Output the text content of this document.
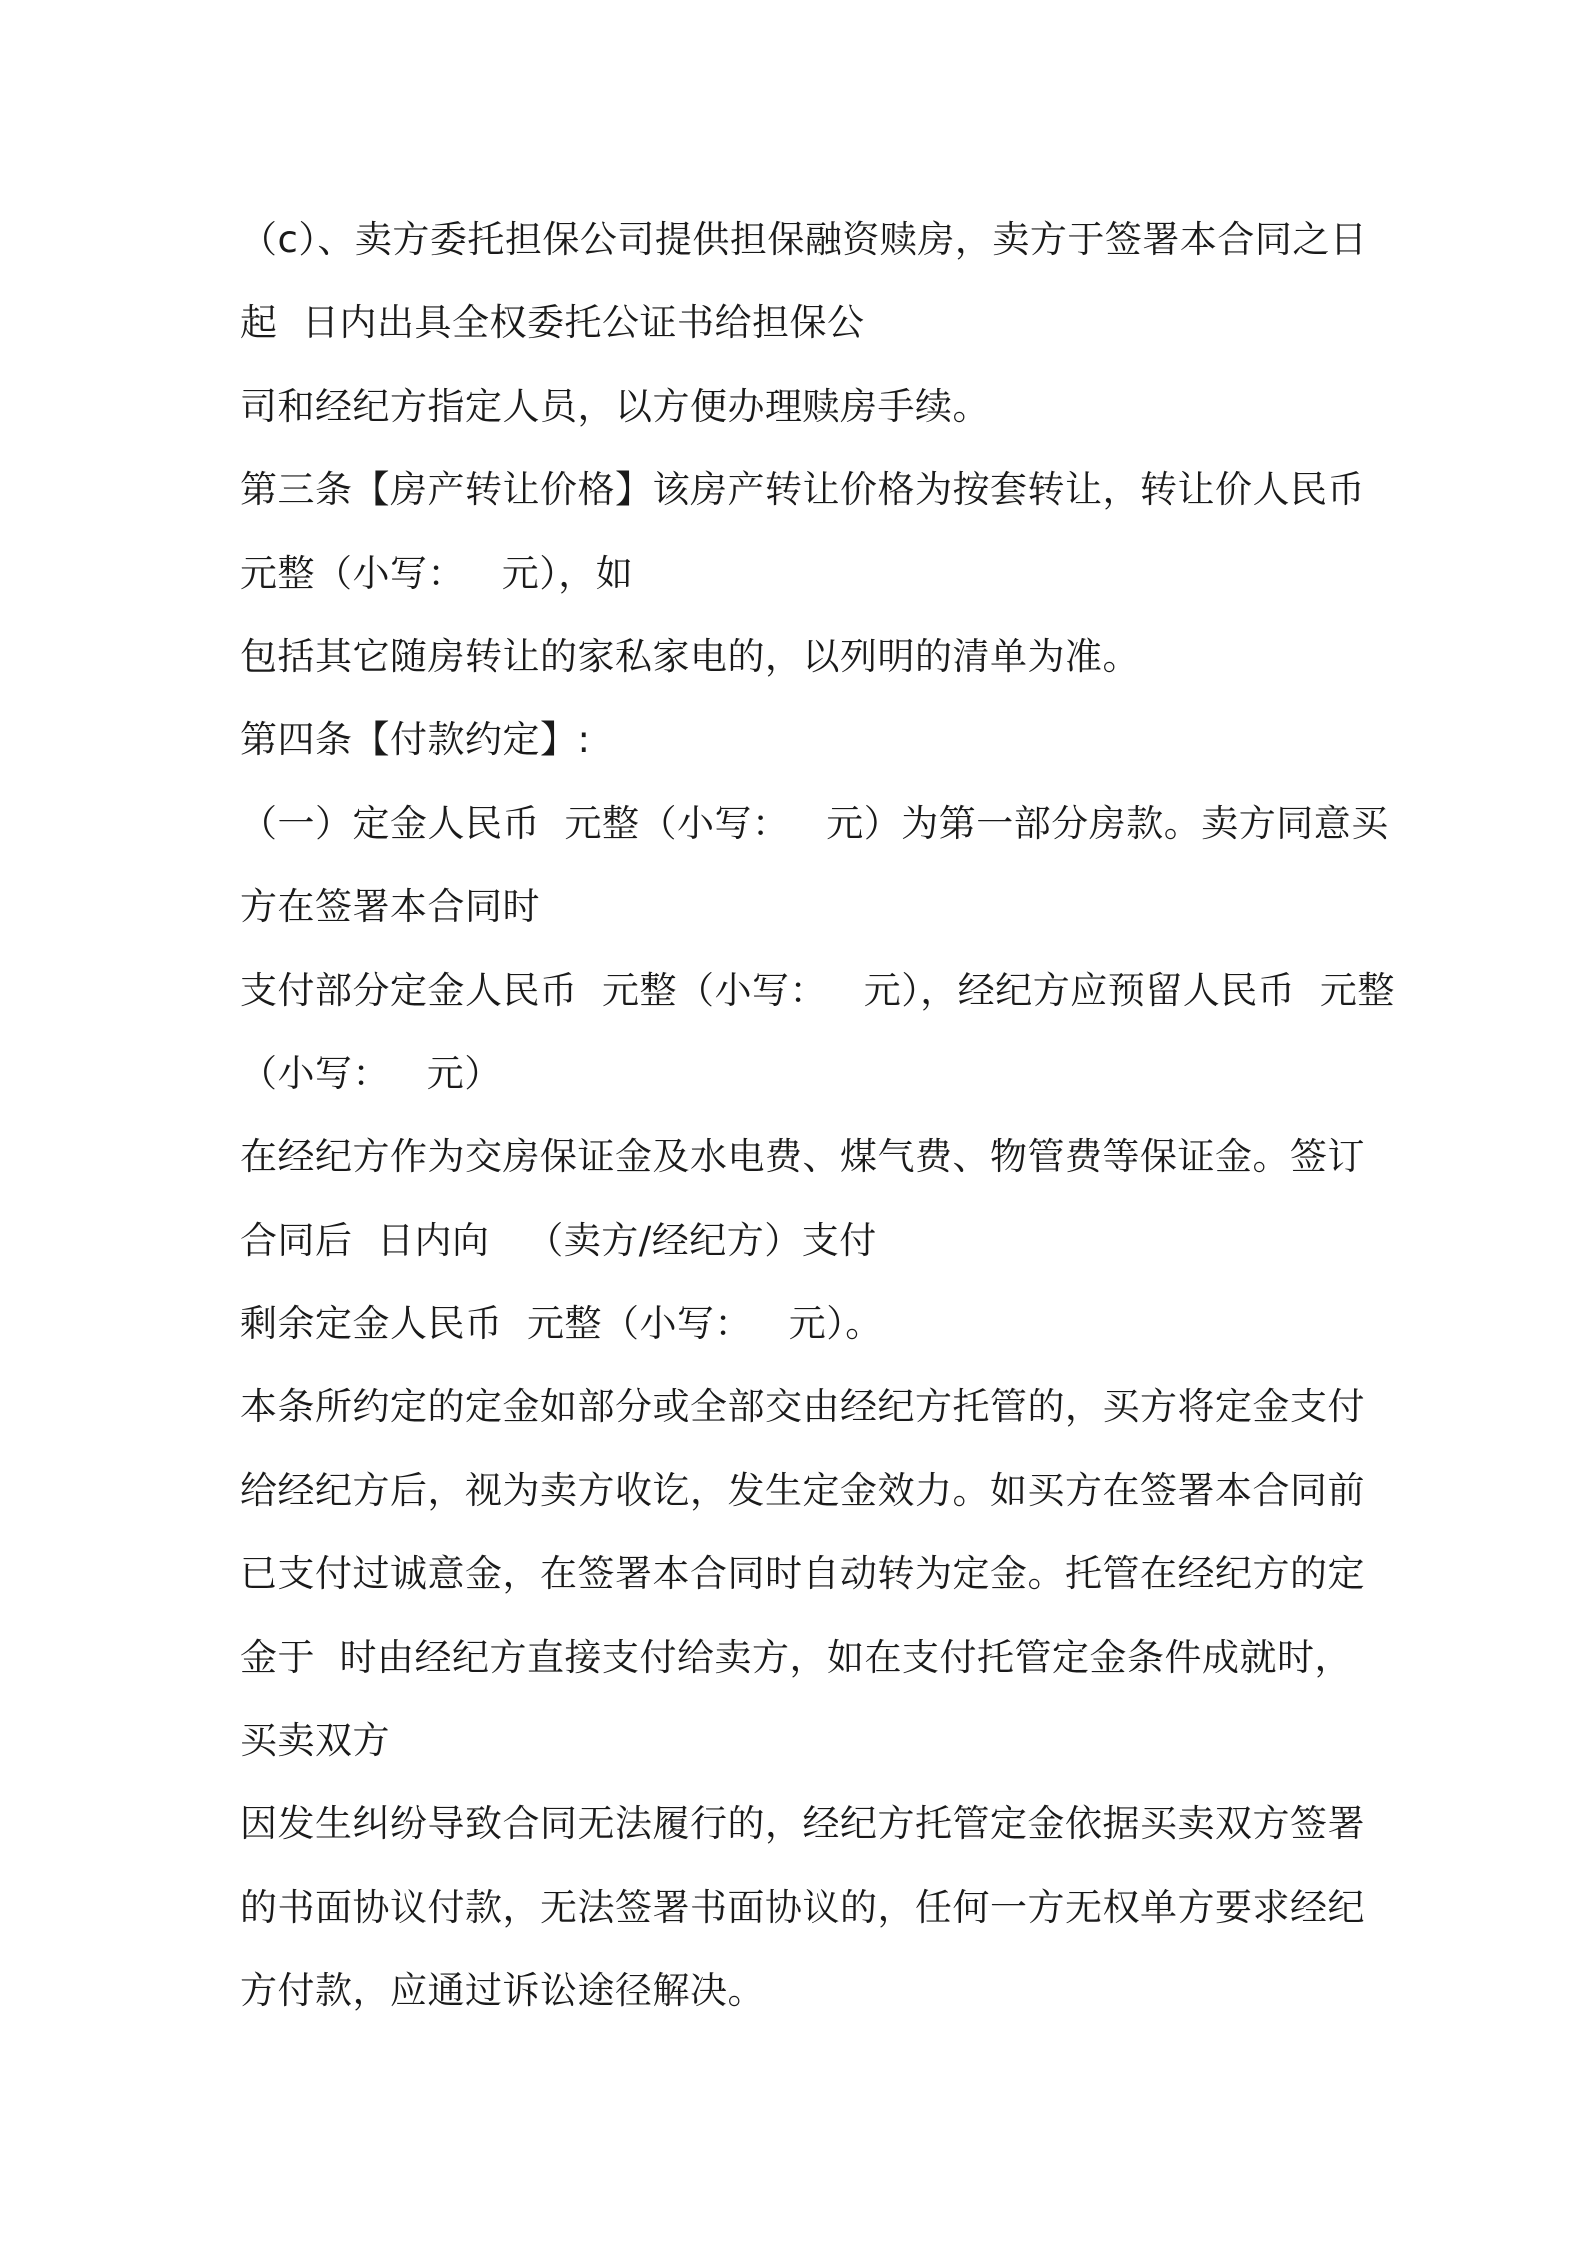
（c）、卖方委托担保公司提供担保融资赎房，卖方于签署本合同之日
起  日内出具全权委托公证书给担保公
司和经纪方指定人员，以方便办理赎房手续。
第三条【房产转让价格】该房产转让价格为按套转让，转让价人民币
元整（小写：   元），如
包括其它随房转让的家私家电的，以列明的清单为准。
第四条【付款约定】:
（一）定金人民币  元整（小写：   元）为第一部分房款。卖方同意买
方在签署本合同时
支付部分定金人民币  元整（小写：   元），经纪方应预留人民币  元整
（小写：   元）
在经纪方作为交房保证金及水电费、煤气费、物管费等保证金。签订
合同后  日内向   （卖方/经纪方）支付
剩余定金人民币  元整（小写：   元）。
本条所约定的定金如部分或全部交由经纪方托管的，买方将定金支付
给经纪方后，视为卖方收讫，发生定金效力。如买方在签署本合同前
已支付过诚意金，在签署本合同时自动转为定金。托管在经纪方的定
金于  时由经纪方直接支付给卖方，如在支付托管定金条件成就时，
买卖双方
因发生纠纷导致合同无法履行的，经纪方托管定金依据买卖双方签署
的书面协议付款，无法签署书面协议的，任何一方无权单方要求经纪
方付款，应通过诉讼途径解决。
